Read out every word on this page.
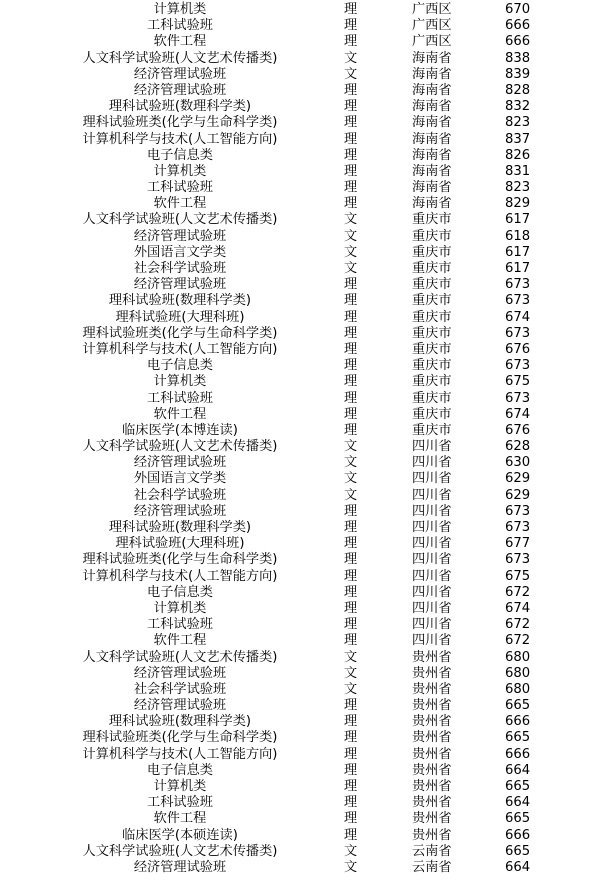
计算机类	理	广西区	670
工科试验班	理	广西区	666
软件工程	理	广西区	666
人文科学试验班(人文艺术传播类)	文	海南省	838
经济管理试验班	文	海南省	839
经济管理试验班	理	海南省	828
理科试验班(数理科学类)	理	海南省	832
理科试验班类(化学与生命科学类)	理	海南省	823
计算机科学与技术(人工智能方向)	理	海南省	837
电子信息类	理	海南省	826
计算机类	理	海南省	831
工科试验班	理	海南省	823
软件工程	理	海南省	829
人文科学试验班(人文艺术传播类)	文	重庆市	617
经济管理试验班	文	重庆市	618
外国语言文学类	文	重庆市	617
社会科学试验班	文	重庆市	617
经济管理试验班	理	重庆市	673
理科试验班(数理科学类)	理	重庆市	673
理科试验班(大理科班)	理	重庆市	674
理科试验班类(化学与生命科学类)	理	重庆市	673
计算机科学与技术(人工智能方向)	理	重庆市	676
电子信息类	理	重庆市	673
计算机类	理	重庆市	675
工科试验班	理	重庆市	673
软件工程	理	重庆市	674
临床医学(本博连读)	理	重庆市	676
人文科学试验班(人文艺术传播类)	文	四川省	628
经济管理试验班	文	四川省	630
外国语言文学类	文	四川省	629
社会科学试验班	文	四川省	629
经济管理试验班	理	四川省	673
理科试验班(数理科学类)	理	四川省	673
理科试验班(大理科班)	理	四川省	677
理科试验班类(化学与生命科学类)	理	四川省	673
计算机科学与技术(人工智能方向)	理	四川省	675
电子信息类	理	四川省	672
计算机类	理	四川省	674
工科试验班	理	四川省	672
软件工程	理	四川省	672
人文科学试验班(人文艺术传播类)	文	贵州省	680
经济管理试验班	文	贵州省	680
社会科学试验班	文	贵州省	680
经济管理试验班	理	贵州省	665
理科试验班(数理科学类)	理	贵州省	666
理科试验班类(化学与生命科学类)	理	贵州省	665
计算机科学与技术(人工智能方向)	理	贵州省	666
电子信息类	理	贵州省	664
计算机类	理	贵州省	665
工科试验班	理	贵州省	664
软件工程	理	贵州省	665
临床医学(本硕连读)	理	贵州省	666
人文科学试验班(人文艺术传播类)	文	云南省	665
经济管理试验班	文	云南省	664
